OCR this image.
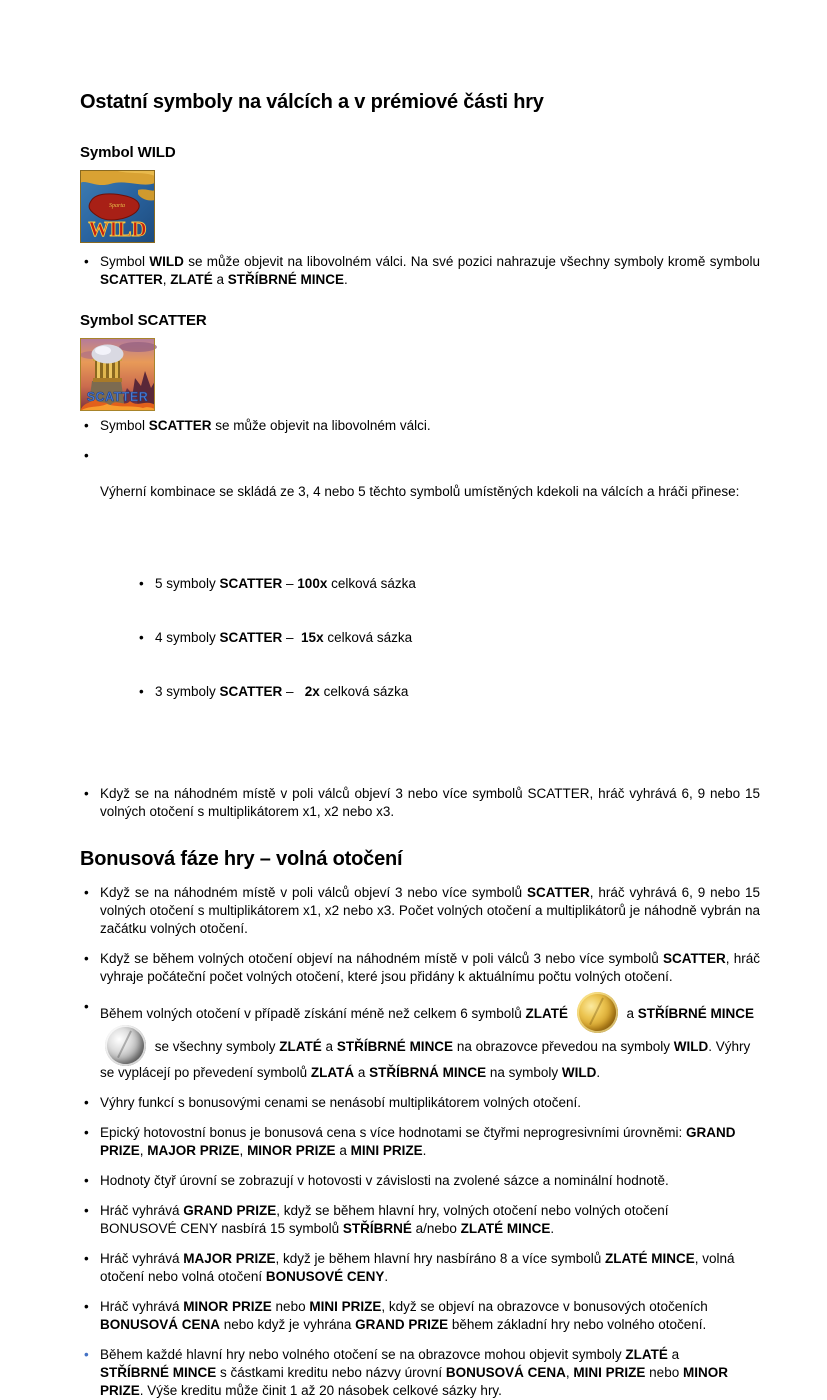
Ostatní symboly na válcích a v prémiové části hry
Symbol WILD
Sparta
WILD
• Symbol WILD se může objevit na libovolném válci. Na své pozici nahrazuje všechny symboly kromě symbolu SCATTER, ZLATÉ a STŘÍBRNÉ MINCE.

Symbol SCATTER
SCATTER
• Symbol SCATTER se může objevit na libovolném válci.

•

Výherní kombinace se skládá ze 3, 4 nebo 5 těchto symbolů umístěných kdekoli na válcích a hráči přinese:

• 5 symboly SCATTER – 100x celková sázka

• 4 symboly SCATTER –  15x celková sázka

• 3 symboly SCATTER –   2x celková sázka

• Když se na náhodném místě v poli válců objeví 3 nebo více symbolů SCATTER, hráč vyhrává 6, 9 nebo 15 volných otočení s multiplikátorem x1, x2 nebo x3.

Bonusová fáze hry – volná otočení
• Když se na náhodném místě v poli válců objeví 3 nebo více symbolů SCATTER, hráč vyhrává 6, 9 nebo 15 volných otočení s multiplikátorem x1, x2 nebo x3. Počet volných otočení a multiplikátorů je náhodně vybrán na začátku volných otočení.

• Když se během volných otočení objeví na náhodném místě v poli válců 3 nebo více symbolů SCATTER, hráč vyhraje počáteční počet volných otočení, které jsou přidány k aktuálnímu počtu volných otočení.

• Během volných otočení v případě získání méně než celkem 6 symbolů ZLATÉ	a STŘÍBRNÉ MINCE  se všechny symboly ZLATÉ a STŘÍBRNÉ MINCE na obrazovce převedou na symboly WILD. Výhry se vyplácejí po převedení symbolů ZLATÁ a STŘÍBRNÁ MINCE na symboly WILD.

• Výhry funkcí s bonusovými cenami se nenásobí multiplikátorem volných otočení.

• Epický hotovostní bonus je bonusová cena s více hodnotami se čtyřmi neprogresivními úrovněmi: GRAND PRIZE, MAJOR PRIZE, MINOR PRIZE a MINI PRIZE.

• Hodnoty čtyř úrovní se zobrazují v hotovosti v závislosti na zvolené sázce a nominální hodnotě.

• Hráč vyhrává GRAND PRIZE, když se během hlavní hry, volných otočení nebo volných otočení BONUSOVÉ CENY nasbírá 15 symbolů STŘÍBRNÉ a/nebo ZLATÉ MINCE.

• Hráč vyhrává MAJOR PRIZE, když je během hlavní hry nasbíráno 8 a více symbolů ZLATÉ MINCE, volná otočení nebo volná otočení BONUSOVÉ CENY.

• Hráč vyhrává MINOR PRIZE nebo MINI PRIZE, když se objeví na obrazovce v bonusových otočeních BONUSOVÁ CENA nebo když je vyhrána GRAND PRIZE během základní hry nebo volného otočení.

• Během každé hlavní hry nebo volného otočení se na obrazovce mohou objevit symboly ZLATÉ a STŘÍBRNÉ MINCE s částkami kreditu nebo názvy úrovní BONUSOVÁ CENA, MINI PRIZE nebo MINOR PRIZE. Výše kreditu může činit 1 až 20 násobek celkové sázky hry.
